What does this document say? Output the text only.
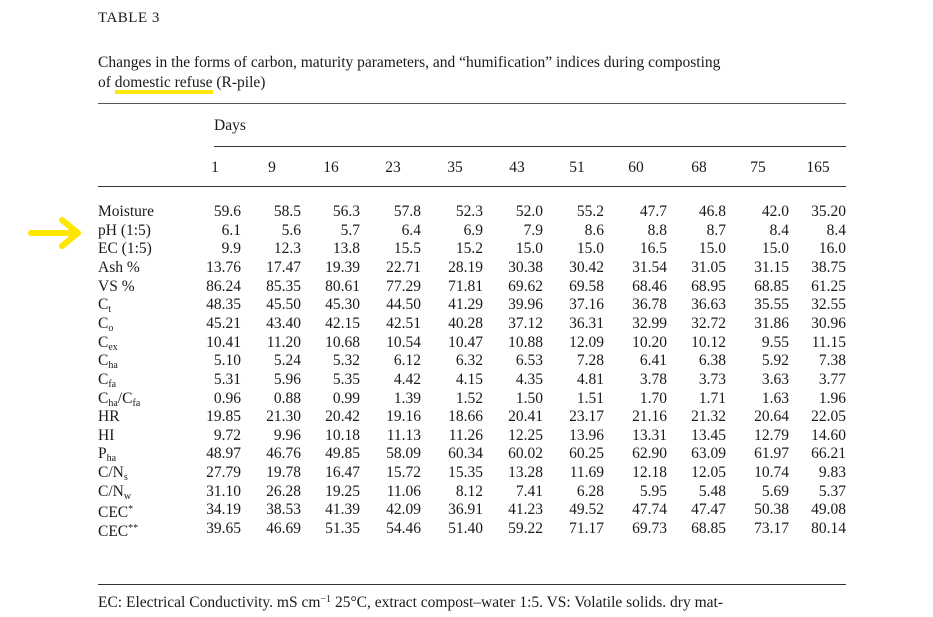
TABLE 3
Changes in the forms of carbon, maturity parameters, and “humification” indices during composting
of domestic refuse (R-pile)
Days
1	9	16	23	35	43	51	60	68	75	165
Moisture	59.6	58.5	56.3	57.8	52.3	52.0	55.2	47.7	46.8	42.0	35.20
pH (1:5)	6.1	5.6	5.7	6.4	6.9	7.9	8.6	8.8	8.7	8.4	8.4
EC (1:5)	9.9	12.3	13.8	15.5	15.2	15.0	15.0	16.5	15.0	15.0	16.0
Ash %	13.76	17.47	19.39	22.71	28.19	30.38	30.42	31.54	31.05	31.15	38.75
VS %	86.24	85.35	80.61	77.29	71.81	69.62	69.58	68.46	68.95	68.85	61.25
$C_t$	48.35	45.50	45.30	44.50	41.29	39.96	37.16	36.78	36.63	35.55	32.55
$C_o$	45.21	43.40	42.15	42.51	40.28	37.12	36.31	32.99	32.72	31.86	30.96
$C_{ex}$	10.41	11.20	10.68	10.54	10.47	10.88	12.09	10.20	10.12	9.55	11.15
$C_{ha}$	5.10	5.24	5.32	6.12	6.32	6.53	7.28	6.41	6.38	5.92	7.38
$C_{fa}$	5.31	5.96	5.35	4.42	4.15	4.35	4.81	3.78	3.73	3.63	3.77
$C_{ha}/C_{fa}$	0.96	0.88	0.99	1.39	1.52	1.50	1.51	1.70	1.71	1.63	1.96
HR	19.85	21.30	20.42	19.16	18.66	20.41	23.17	21.16	21.32	20.64	22.05
HI	9.72	9.96	10.18	11.13	11.26	12.25	13.96	13.31	13.45	12.79	14.60
$P_{ha}$	48.97	46.76	49.85	58.09	60.34	60.02	60.25	62.90	63.09	61.97	66.21
$C/N_s$	27.79	19.78	16.47	15.72	15.35	13.28	11.69	12.18	12.05	10.74	9.83
$C/N_w$	31.10	26.28	19.25	11.06	8.12	7.41	6.28	5.95	5.48	5.69	5.37
CEC*	34.19	38.53	41.39	42.09	36.91	41.23	49.52	47.74	47.47	50.38	49.08
CEC**	39.65	46.69	51.35	54.46	51.40	59.22	71.17	69.73	68.85	73.17	80.14
EC: Electrical Conductivity. mS $cm^{-1}$ 25°C, extract compost–water 1:5. VS: Volatile solids. dry mat-
